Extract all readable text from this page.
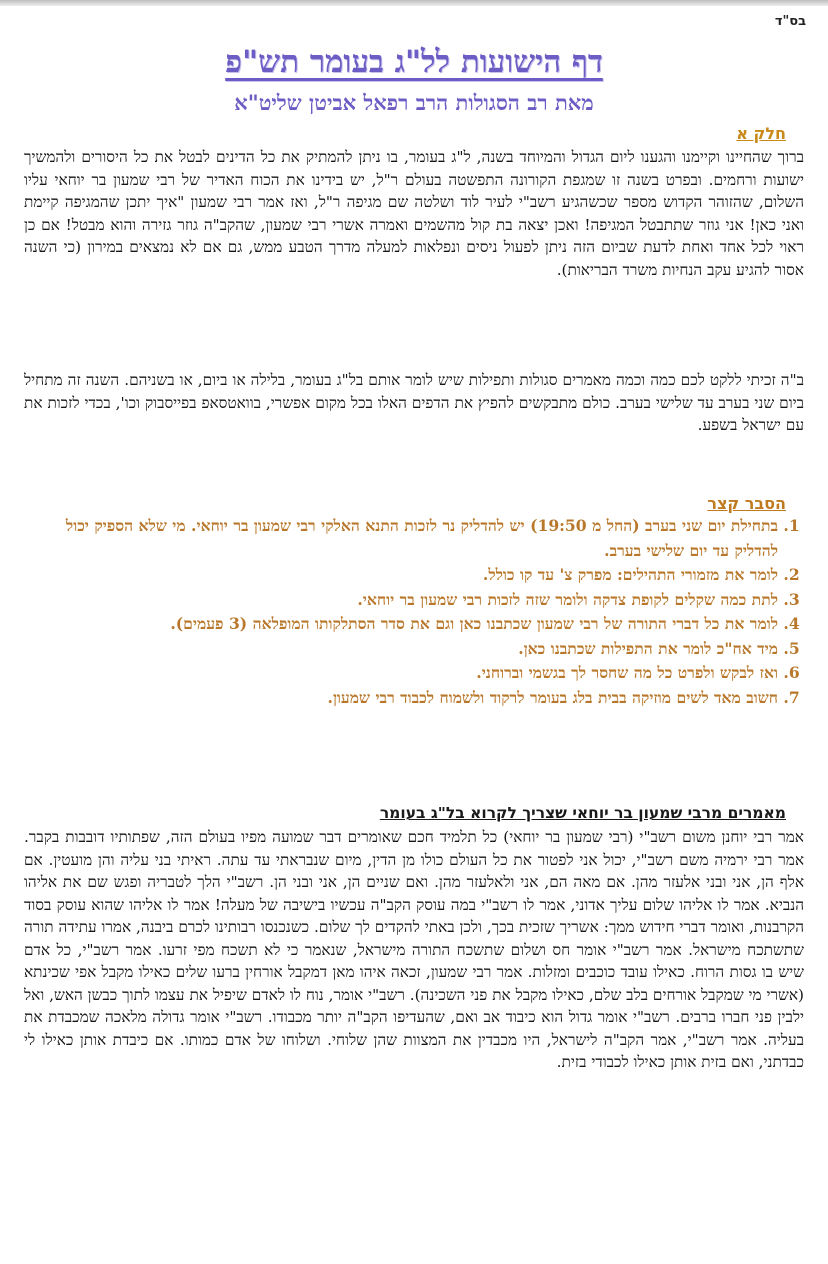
בס"ד
דף הישועות לל"ג בעומר תש"פ
מאת רב הסגולות הרב רפאל אביטן שליט"א
חלק א
ברוך שהחיינו וקיימנו והגענו ליום הגדול והמיוחד בשנה, ל"ג בעומר, בו ניתן להמתיק את כל הדינים לבטל את כל היסורים ולהמשיך ישועות ורחמים. ובפרט בשנה זו שמגפת הקורונה התפשטה בעולם ר"ל, יש בידינו את הכוח האדיר של רבי שמעון בר יוחאי עליו השלום, שהזוהר הקדוש מספר שכשהגיע רשב"י לעיר לוד ושלטה שם מגיפה ר"ל, ואז אמר רבי שמעון "איך יתכן שהמגיפה קיימת ואני כאן! אני גוזר שתתבטל המגיפה! ואכן יצאה בת קול מהשמים ואמרה אשרי רבי שמעון, שהקב"ה גוזר גזירה והוא מבטל! אם כן ראוי לכל אחד ואחת לדעת שביום הזה ניתן לפעול ניסים ונפלאות למעלה מדרך הטבע ממש, גם אם לא נמצאים במירון (כי השנה אסור להגיע עקב הנחיות משרד הבריאות).
ב"ה זכיתי ללקט לכם כמה וכמה מאמרים סגולות ותפילות שיש לומר אותם בל"ג בעומר, בלילה או ביום, או בשניהם. השנה זה מתחיל ביום שני בערב עד שלישי בערב. כולם מתבקשים להפיץ את הדפים האלו בכל מקום אפשרי, בוואטסאפ בפייסבוק וכו', בכדי לזכות את עם ישראל בשפע.
הסבר קצר
1. בתחילת יום שני בערב (החל מ 19:50) יש להדליק נר לזכות התנא האלקי רבי שמעון בר יוחאי. מי שלא הספיק יכול להדליק עד יום שלישי בערב.
2. לומר את מזמורי התהילים: מפרק צ' עד קו כולל.
3. לתת כמה שקלים לקופת צדקה ולומר שזה לזכות רבי שמעון בר יוחאי.
4. לומר את כל דברי התורה של רבי שמעון שכתבנו כאן וגם את סדר הסתלקותו המופלאה (3 פעמים).
5. מיד אח"כ לומר את התפילות שכתבנו כאן.
6. ואז לבקש ולפרט כל מה שחסר לך בגשמי וברוחני.
7. חשוב מאד לשים מוזיקה בבית בלג בעומר לרקוד ולשמוח לכבוד רבי שמעון.
מאמרים מרבי שמעון בר יוחאי שצריך לקרוא בל"ג בעומר
אמר רבי יוחנן משום רשב"י (רבי שמעון בר יוחאי) כל תלמיד חכם שאומרים דבר שמועה מפיו בעולם הזה, שפתותיו דובבות בקבר. אמר רבי ירמיה משם רשב"י, יכול אני לפטור את כל העולם כולו מן הדין, מיום שנבראתי עד עתה. ראיתי בני עליה והן מועטין. אם אלף הן, אני ובני אלעזר מהן. אם מאה הם, אני ולאלעזר מהן. ואם שניים הן, אני ובני הן. רשב"י הלך לטבריה ופגש שם את אליהו הנביא. אמר לו אליהו שלום עליך אדוני, אמר לו רשב"י במה עוסק הקב"ה עכשיו בישיבה של מעלה! אמר לו אליהו שהוא עוסק בסוד הקרבנות, ואומר דברי חידוש ממך: אשריך שזכית בכך, ולכן באתי להקדים לך שלום. כשנכנסו רבותינו לכרם ביבנה, אמרו עתידה תורה שתשתכח מישראל. אמר רשב"י אומר חס ושלום שתשכח התורה מישראל, שנאמר כי לא תשכח מפי זרעו. אמר רשב"י, כל אדם שיש בו גסות הרוח. כאילו עובד כוכבים ומזלות. אמר רבי שמעון, זכאה איהו מאן דמקבל אורחין ברעו שלים כאילו מקבל אפי שכינתא (אשרי מי שמקבל אורחים בלב שלם, כאילו מקבל את פני השכינה). רשב"י אומר, נוח לו לאדם שיפיל את עצמו לתוך כבשן האש, ואל ילבין פני חברו ברבים. רשב"י אומר גדול הוא כיבוד אב ואם, שהעדיפו הקב"ה יותר מכבודו. רשב"י אומר גדולה מלאכה שמכבדת את בעליה. אמר רשב"י, אמר הקב"ה לישראל, היו מכבדין את המצוות שהן שלוחי. ושלוחו של אדם כמותו. אם כיבדת אותן כאילו לי כבדתני, ואם בזית אותן כאילו לכבודי בזית.
